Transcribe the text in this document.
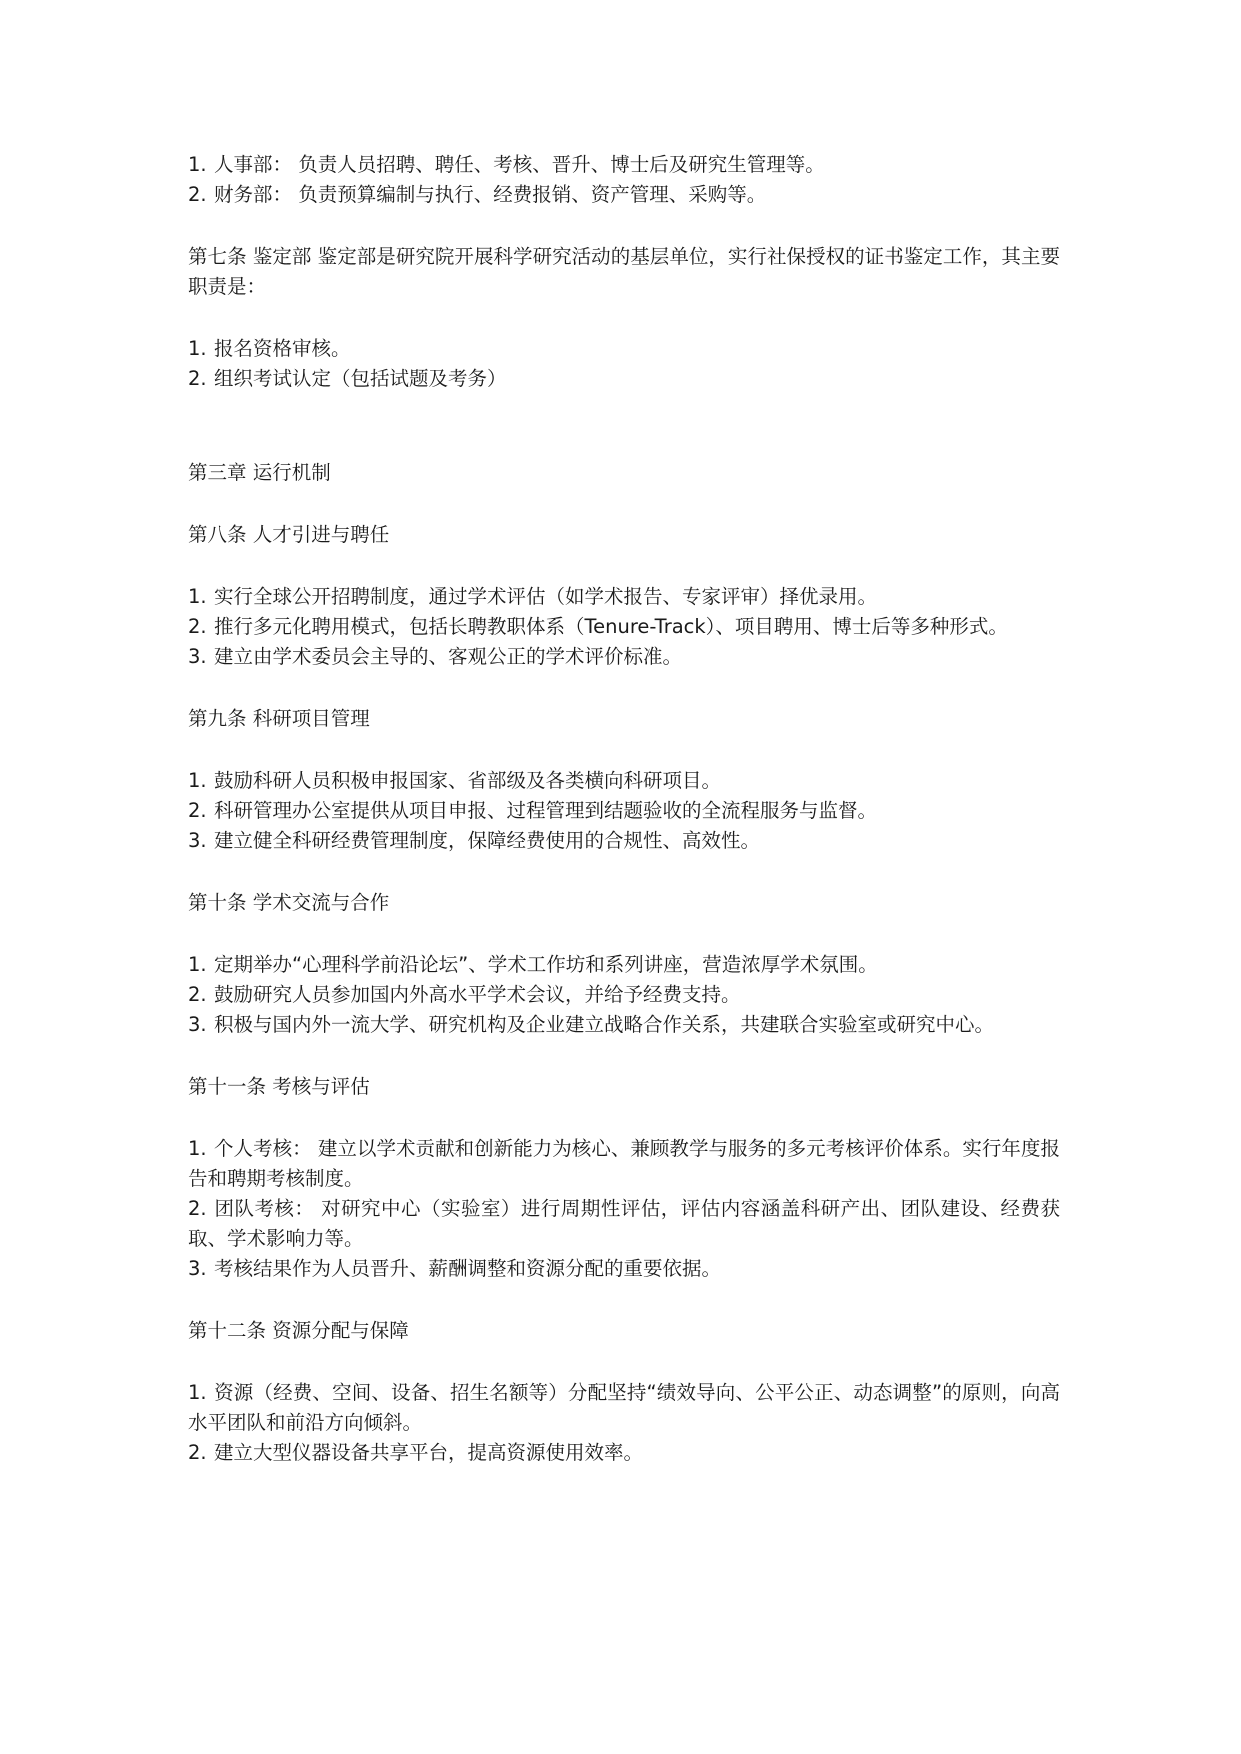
1. 人事部： 负责人员招聘、聘任、考核、晋升、博士后及研究生管理等。
2. 财务部： 负责预算编制与执行、经费报销、资产管理、采购等。
第七条 鉴定部 鉴定部是研究院开展科学研究活动的基层单位，实行社保授权的证书鉴定工作，其主要职责是：
1. 报名资格审核。
2. 组织考试认定（包括试题及考务）
第三章 运行机制
第八条 人才引进与聘任
1. 实行全球公开招聘制度，通过学术评估（如学术报告、专家评审）择优录用。
2. 推行多元化聘用模式，包括长聘教职体系（Tenure-Track）、项目聘用、博士后等多种形式。
3. 建立由学术委员会主导的、客观公正的学术评价标准。
第九条 科研项目管理
1. 鼓励科研人员积极申报国家、省部级及各类横向科研项目。
2. 科研管理办公室提供从项目申报、过程管理到结题验收的全流程服务与监督。
3. 建立健全科研经费管理制度，保障经费使用的合规性、高效性。
第十条 学术交流与合作
1. 定期举办“心理科学前沿论坛”、学术工作坊和系列讲座，营造浓厚学术氛围。
2. 鼓励研究人员参加国内外高水平学术会议，并给予经费支持。
3. 积极与国内外一流大学、研究机构及企业建立战略合作关系，共建联合实验室或研究中心。
第十一条 考核与评估
1. 个人考核： 建立以学术贡献和创新能力为核心、兼顾教学与服务的多元考核评价体系。实行年度报告和聘期考核制度。
2. 团队考核： 对研究中心（实验室）进行周期性评估，评估内容涵盖科研产出、团队建设、经费获取、学术影响力等。
3. 考核结果作为人员晋升、薪酬调整和资源分配的重要依据。
第十二条 资源分配与保障
1. 资源（经费、空间、设备、招生名额等）分配坚持“绩效导向、公平公正、动态调整”的原则，向高水平团队和前沿方向倾斜。
2. 建立大型仪器设备共享平台，提高资源使用效率。
